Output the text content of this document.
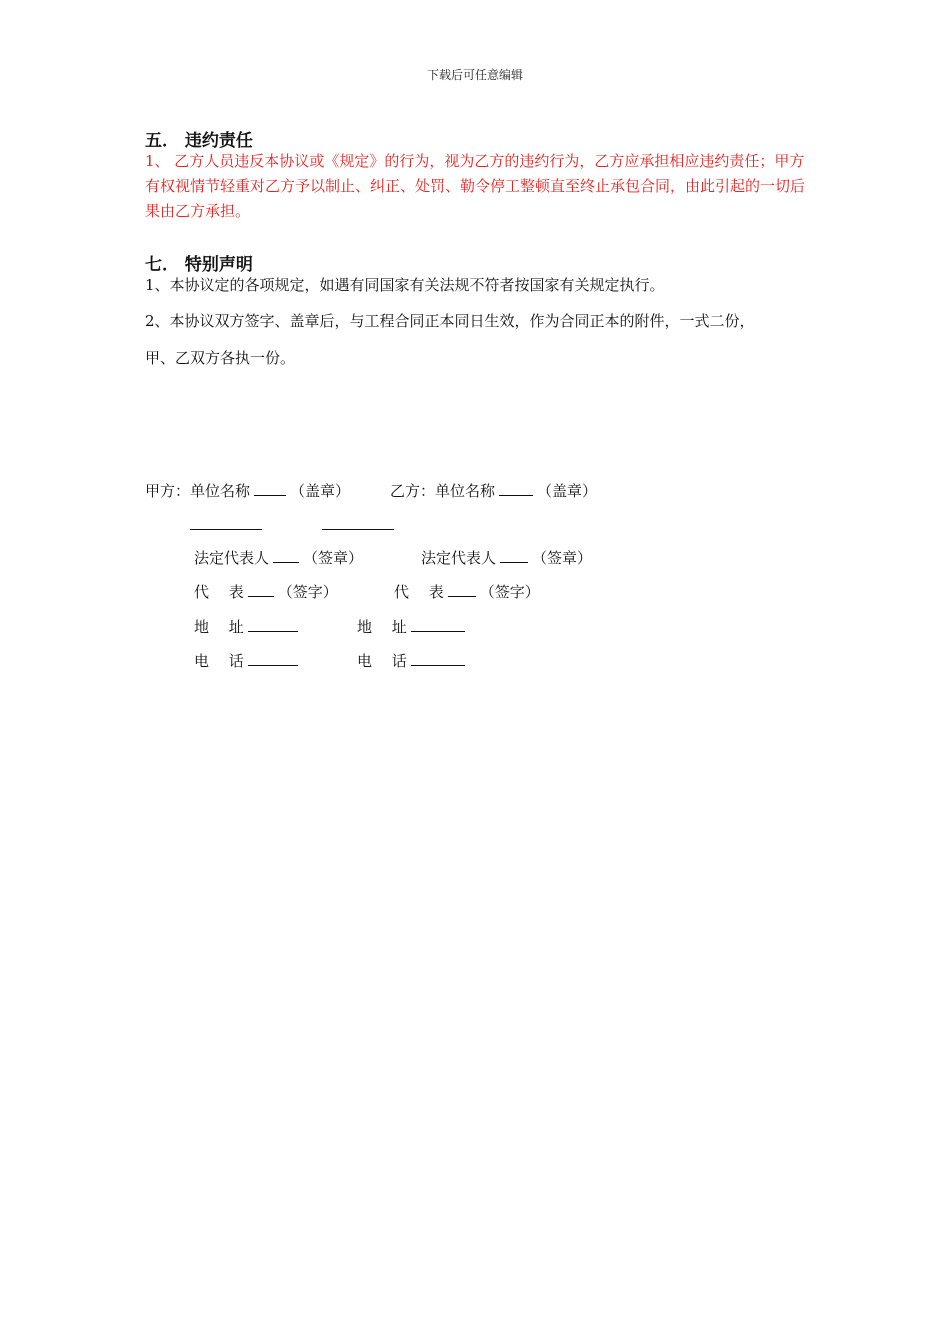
下载后可任意编辑
五． 违约责任
1、 乙方人员违反本协议或《规定》的行为，视为乙方的违约行为，乙方应承担相应违约责任；甲方有权视情节轻重对乙方予以制止、纠正、处罚、勒令停工整顿直至终止承包合同，由此引起的一切后果由乙方承担。
七． 特别声明
1、本协议定的各项规定，如遇有同国家有关法规不符者按国家有关规定执行。
2、本协议双方签字、盖章后，与工程合同正本同日生效，作为合同正本的附件，一式二份，
甲、乙双方各执一份。
甲方：单位名称	（盖章）	乙方：单位名称	（盖章）
法定代表人 （签章）	法定代表人 （签章）
代　 表 （签字）	代　 表 （签字）
地　 址	地　 址
电　 话	电　 话
